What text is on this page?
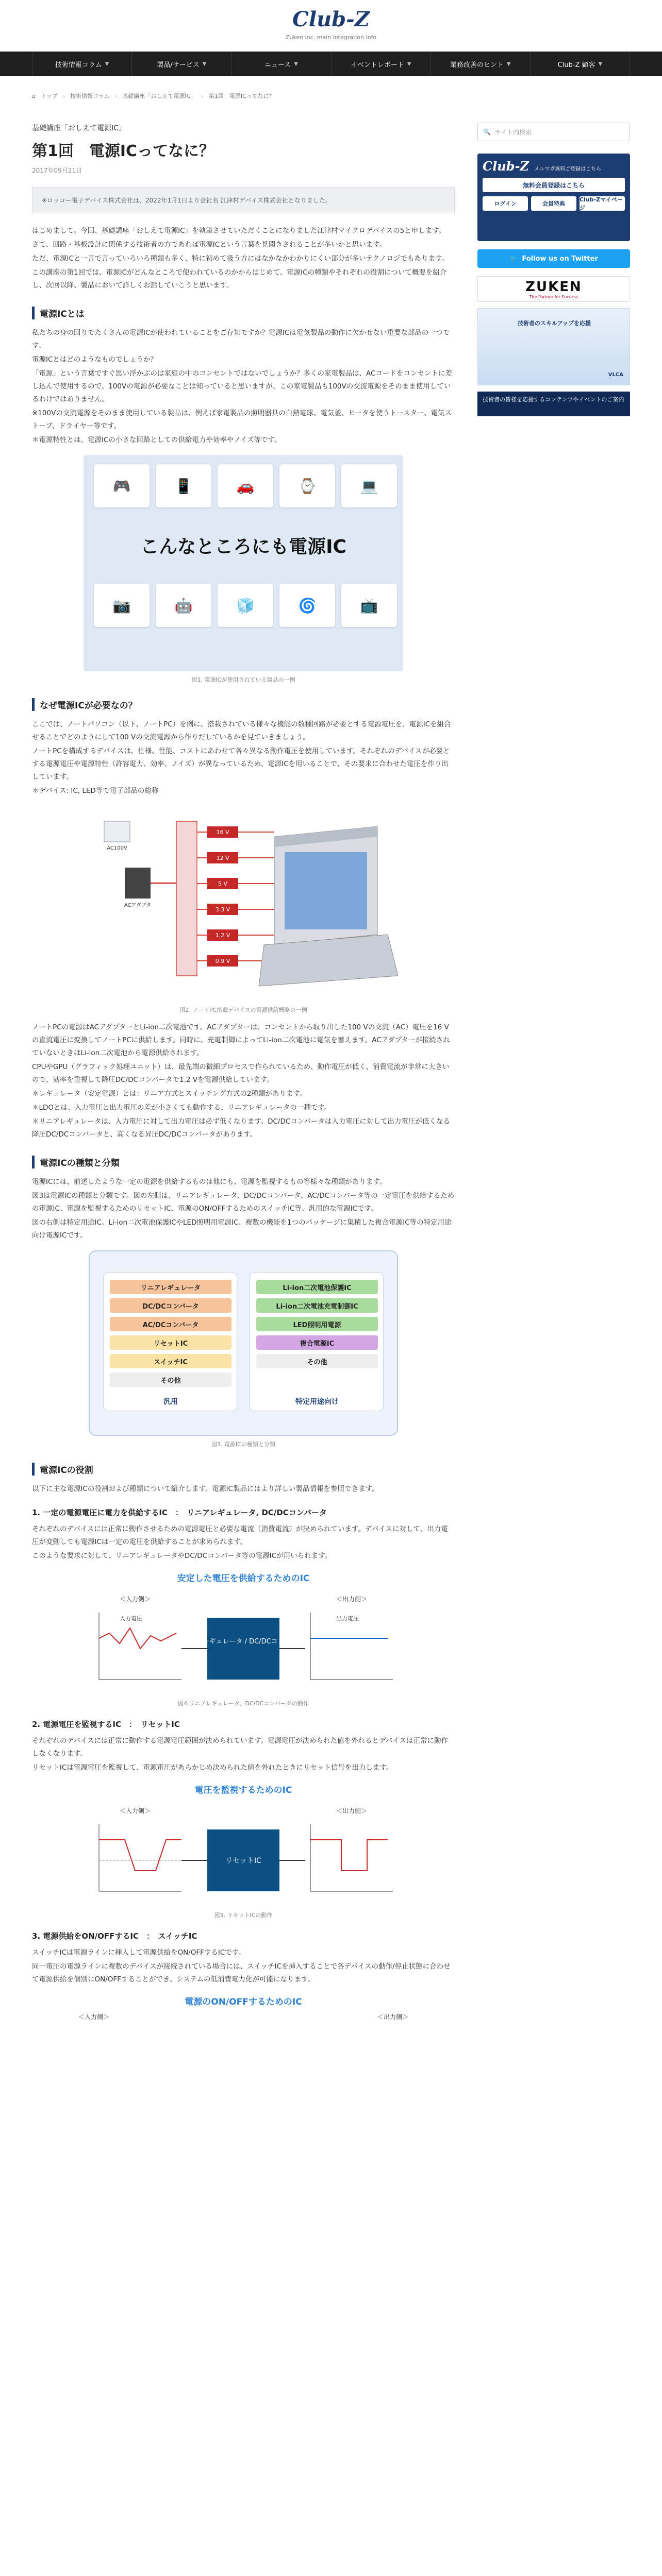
Club-Z
Zuken inc. main integration info
技術情報コラム ▼	製品/サービス ▼	ニュース ▼	イベントレポート ▼	業務改善のヒント ▼	Club-Z 顧客 ▼
⌂ トップ › 技術情報コラム › 基礎講座「おしえて電源IC」 › 第1回　電源ICってなに？
基礎講座「おしえて電源IC」
第1回　電源ICってなに？
2017年09月21日
※ロッコー電子デバイス株式会社は、2022年1月1日より会社名 江津村デバイス株式会社となりました。

はじめまして。今回、基礎講座「おしえて電源IC」を執筆させていただくことになりました江津村マイクロデバイスの5と申します。

さて、回路・基板設計に関係する技術者の方であれば電源ICという言葉を見聞きされることが多いかと思います。

ただ、電源ICと一言で言っていろいろ種類も多く、特に初めて扱う方にはなかなかわかりにくい部分が多いテクノロジでもあります。

この講座の第1回では、電源ICがどんなところで使われているのかからはじめて、電源ICの種類やそれぞれの役割について概要を紹介し、次回以降、製品において詳しくお話していこうと思います。

電源ICとは

私たちの身の回りでたくさんの電源ICが使われていることをご存知ですか？電源ICは電気製品の動作に欠かせない重要な部品の一つです。

電源ICとはどのようなものでしょうか？

「電源」という言葉ですぐ思い浮かぶのは家庭の中のコンセントではないでしょうか？多くの家電製品は、ACコードをコンセントに差し込んで使用するので、100Vの電源が必要なことは知っていると思いますが、この家電製品も100Vの交流電源をそのまま使用しているわけではありません。

※100Vの交流電源をそのまま使用している製品は、例えば家電製品の照明器具の白熱電球、電気釜、ヒータを使うトースター、電気ストーブ、ドライヤー等です。

＊電源特性とは、電源ICの小さな回路としての供給電力や効率やノイズ等です。

🎮	📱	🚗	⌚	💻
こんなところにも電源IC
📷	🤖	🧊	🌀	📺
図1. 電源ICが使用されている製品の一例
なぜ電源ICが必要なの？

ここでは、ノートパソコン（以下、ノートPC）を例に、搭載されている様々な機能の数種回路が必要とする電源電圧を、電源ICを組合せることでどのようにして100 Vの交流電源から作りだしているかを見ていきましょう。

ノートPCを構成するデバイスは、仕様、性能、コストにあわせて各々異なる動作電圧を使用しています。それぞれのデバイスが必要とする電源電圧や電源特性（許容電力、効率、ノイズ）が異なっているため、電源ICを用いることで、その要求に合わせた電圧を作り出しています。

＊デバイス: IC, LED等で電子部品の総称

AC100V
ACアダプタ
16 V
12 V
5 V
3.3 V
1.2 V
0.9 V
図2. ノートPC搭載デバイスの電源供給概略の一例

ノートPCの電源はACアダプターとLi-ion二次電池です。ACアダプターは、コンセントから取り出した100 Vの交流（AC）電圧を16 Vの直流電圧に変換してノートPCに供給します。同時に、充電制御によってLi-ion二次電池に電気を蓄えます。ACアダプターが接続されていないときはLi-ion二次電池から電源供給されます。

CPUやGPU（グラフィック処理ユニット）は、最先端の微細プロセスで作られているため、動作電圧が低く、消費電流が非常に大きいので、効率を重視して降圧DC/DCコンバータで1.2 Vを電源供給しています。

＊レギュレータ（安定電源）とは：リニア方式とスイッチング方式の2種類があります。

＊LDOとは、入力電圧と出力電圧の差が小さくても動作する、リニアレギュレータの一種です。

＊リニアレギュレータは、入力電圧に対して出力電圧は必ず低くなります。DC/DCコンバータは入力電圧に対して出力電圧が低くなる降圧DC/DCコンバータと、高くなる昇圧DC/DCコンバータがあります。

電源ICの種類と分類

電源ICには、前述したような一定の電源を供給するものは他にも、電源を監視するもの等様々な種類があります。

図3は電源ICの種類と分類です。図の左側は、リニアレギュレータ、DC/DCコンバータ、AC/DCコンバータ等の一定電圧を供給するための電源IC、電源を監視するためのリセットIC、電源のON/OFFするためのスイッチIC等、汎用的な電源ICです。

図の右側は特定用途IC。Li-ion二次電池保護ICやLED照明用電源IC、複数の機能を1つのパッケージに集積した複合電源IC等の特定用途向け電源ICです。

リニアレギュレータ
DC/DCコンバータ
AC/DCコンバータ
リセットIC
スイッチIC
その他
汎用
Li-ion二次電池保護IC
Li-ion二次電池充電制御IC
LED照明用電源
複合電源IC
その他
特定用途向け
図3. 電源ICの種類と分類
電源ICの役割

以下に主な電源ICの役割および種類について紹介します。電源IC製品にはより詳しい製品情報を参照できます。

1. 一定の電源電圧に電力を供給するIC　：　リニアレギュレータ, DC/DCコンバータ

それぞれのデバイスには正常に動作させるための電源電圧と必要な電流（消費電流）が決められています。デバイスに対して、出力電圧が変動しても電源ICは一定の電圧を供給することが求められます。

このような要求に対して、リニアレギュレータやDC/DCコンバータ等の電源ICが用いられます。

安定した電圧を供給するためのIC
＜入力側＞	＜出力側＞
入力電圧
リニアレギュレータ / DC/DCコンバータ
出力電圧
図4.リニアレギュレータ、DC/DCコンバータの動作
2. 電源電圧を監視するIC　：　リセットIC

それぞれのデバイスには正常に動作する電源電圧範囲が決められています。電源電圧が決められた値を外れるとデバイスは正常に動作しなくなります。

リセットICは電源電圧を監視して、電源電圧があらかじめ決められた値を外れたときにリセット信号を出力します。

電圧を監視するためのIC
＜入力側＞	＜出力側＞
リセットIC
図5. リセットICの動作
3. 電源供給をON/OFFするIC　：　スイッチIC

スイッチICは電源ラインに挿入して電源供給をON/OFFするICです。

同一電圧の電源ラインに複数のデバイスが接続されている場合には、スイッチICを挿入することで各デバイスの動作/停止状態に合わせて電源供給を個別にON/OFFすることができ、システムの低消費電力化が可能になります。

電源のON/OFFするためのIC
＜入力側＞	＜出力側＞
🔍 サイト内検索
Club-Z メルマガ無料ご登録はこちら
無料会員登録はこちら
ログイン	会員特典
Club-Zマイページ
🐦 Follow us on Twitter
ZUKEN
The Partner for Success
技術者のスキルアップを応援
VLCA
技術者の皆様を応援するコンテンツやイベントのご案内
